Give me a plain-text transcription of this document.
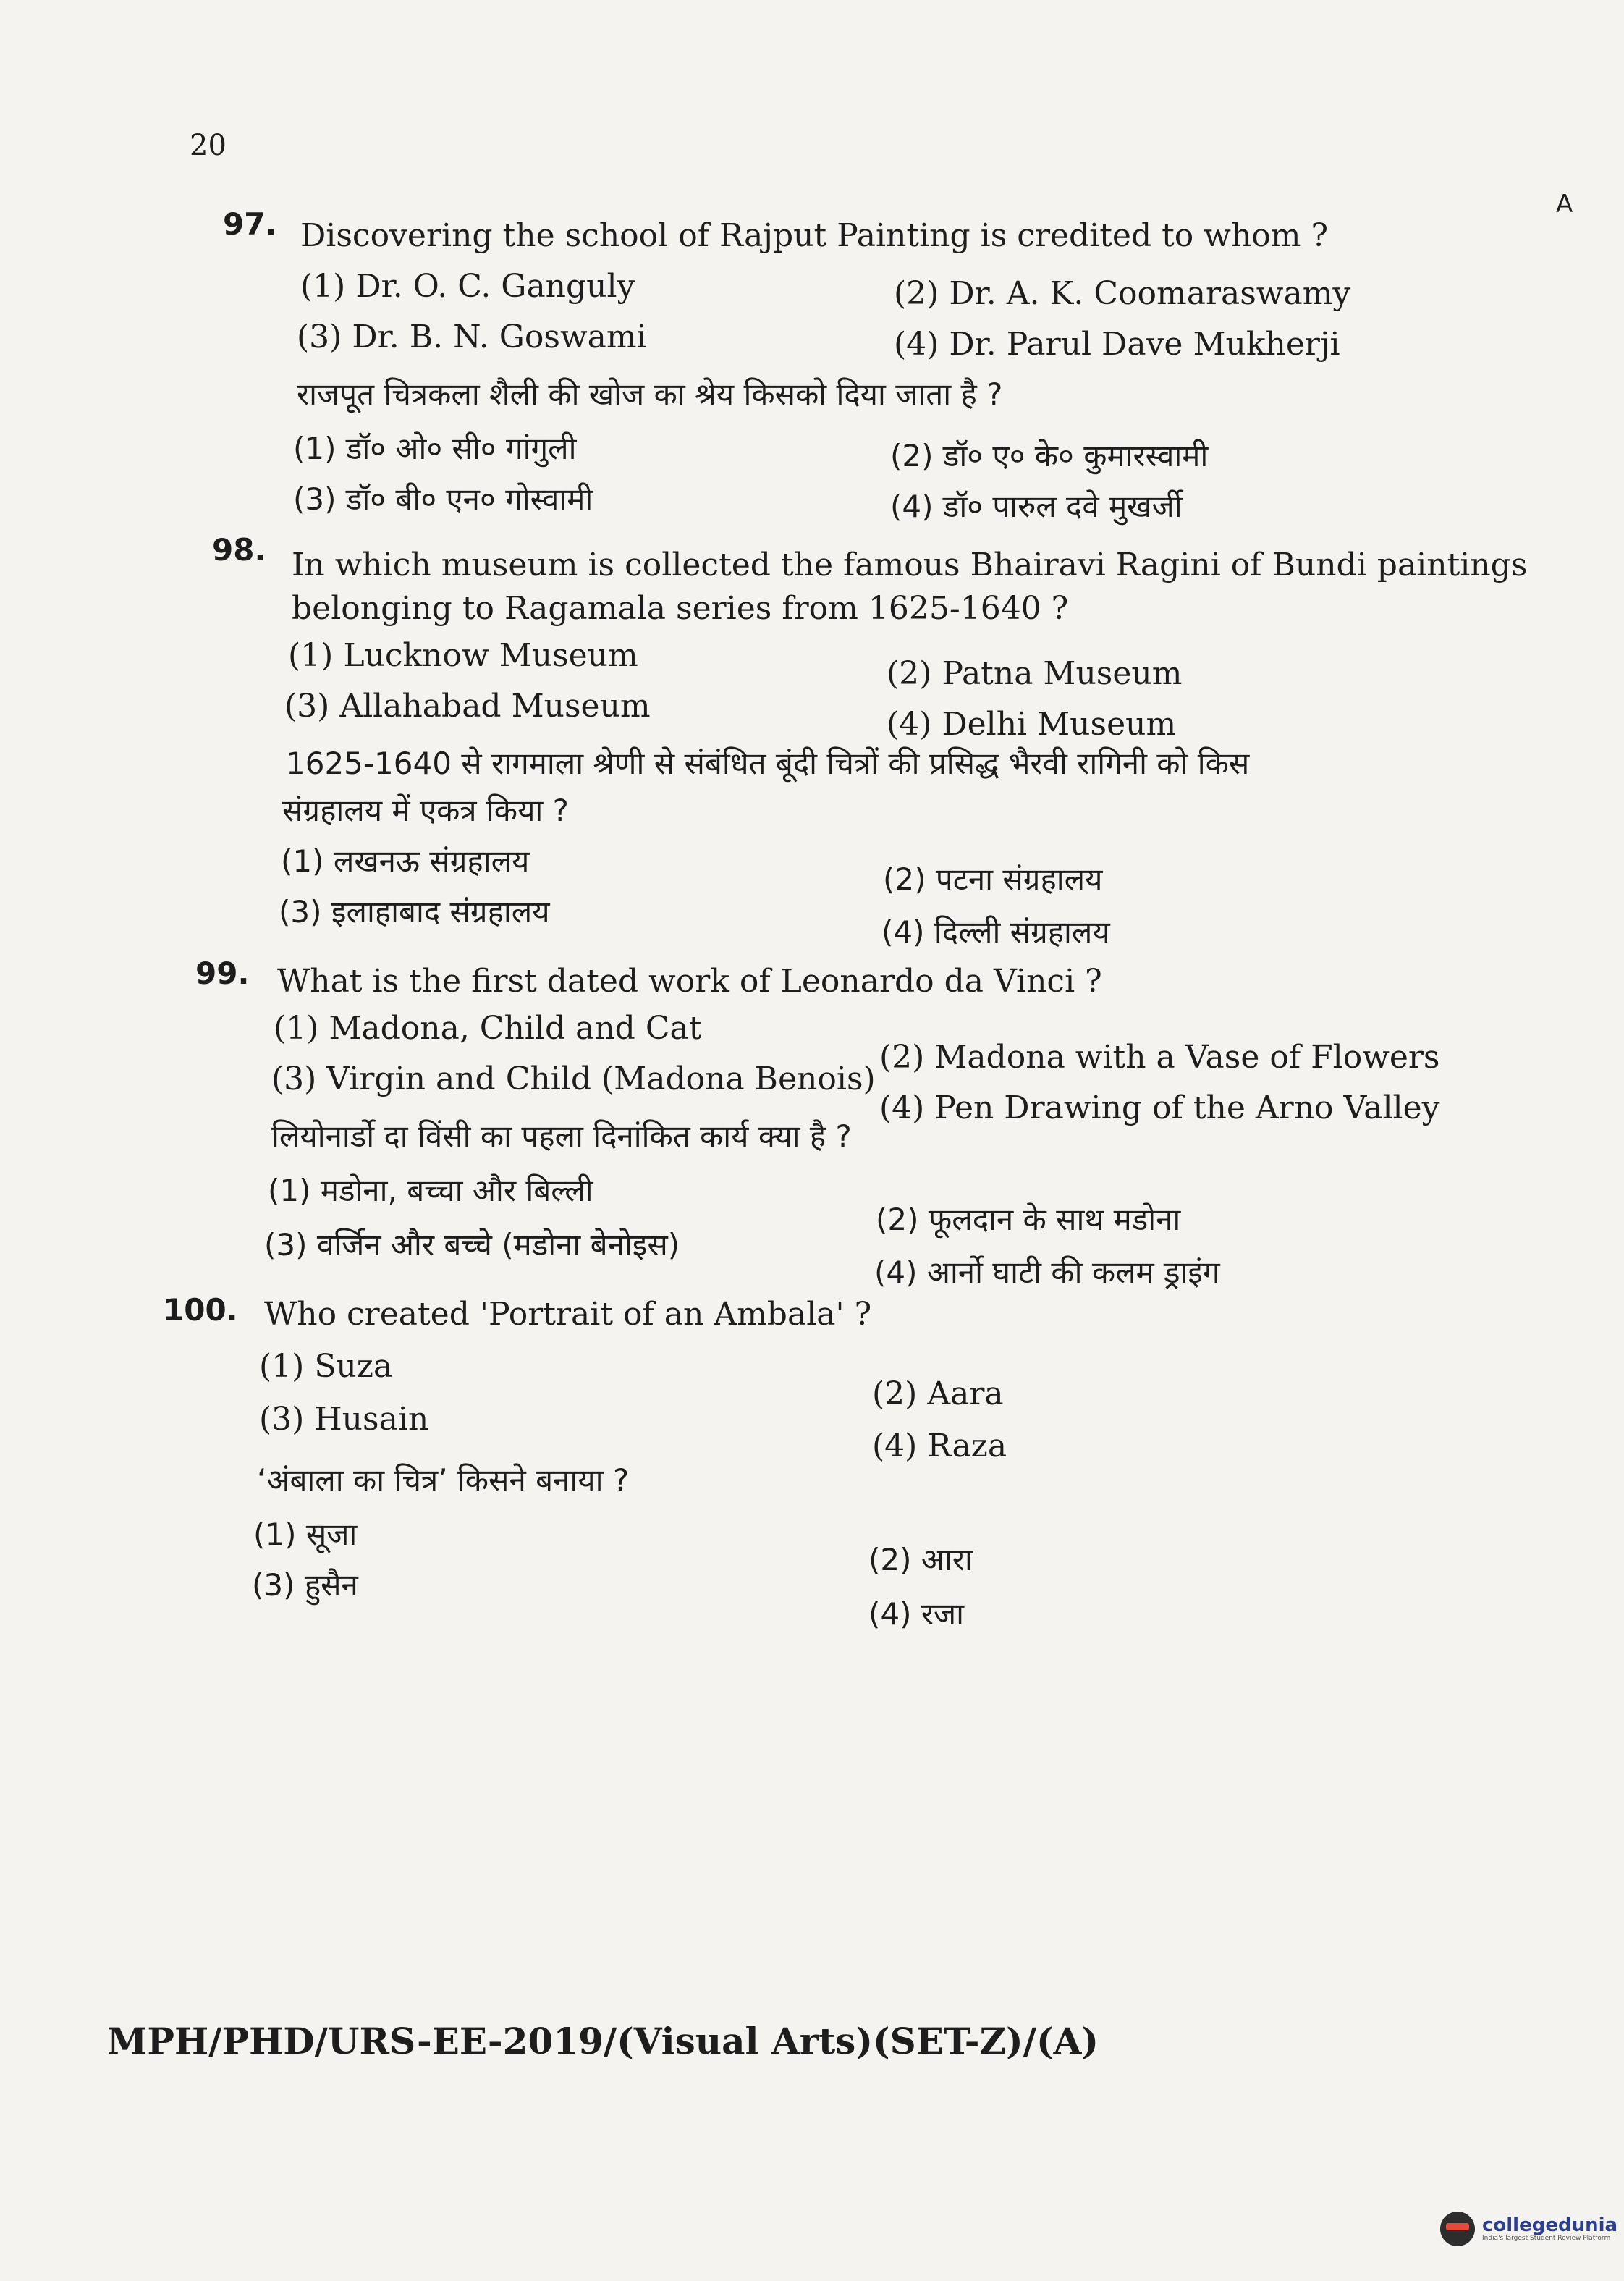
20
A
97. Discovering the school of Rajput Painting is credited to whom ?
(1) Dr. O. C. Ganguly	(2) Dr. A. K. Coomaraswamy
(3) Dr. B. N. Goswami	(4) Dr. Parul Dave Mukherji
राजपूत चित्रकला शैली की खोज का श्रेय किसको दिया जाता है ?
(1) डॉ० ओ० सी० गांगुली	(2) डॉ० ए० के० कुमारस्वामी
(3) डॉ० बी० एन० गोस्वामी	(4) डॉ० पारुल दवे मुखर्जी
98. In which museum is collected the famous Bhairavi Ragini of Bundi paintings
belonging to Ragamala series from 1625-1640 ?
(1) Lucknow Museum	(2) Patna Museum
(3) Allahabad Museum	(4) Delhi Museum
1625-1640 से रागमाला श्रेणी से संबंधित बूंदी चित्रों की प्रसिद्ध भैरवी रागिनी को किस
संग्रहालय में एकत्र किया ?
(1) लखनऊ संग्रहालय
(2) पटना संग्रहालय
(3) इलाहाबाद संग्रहालय
(4) दिल्ली संग्रहालय
99. What is the first dated work of Leonardo da Vinci ?
(1) Madona, Child and Cat
(2) Madona with a Vase of Flowers
(3) Virgin and Child (Madona Benois)
(4) Pen Drawing of the Arno Valley
लियोनार्डो दा विंसी का पहला दिनांकित कार्य क्या है ?
(1) मडोना, बच्चा और बिल्ली
(2) फूलदान के साथ मडोना
(3) वर्जिन और बच्चे (मडोना बेनोइस)
(4) आर्नो घाटी की कलम ड्राइंग
100. Who created 'Portrait of an Ambala' ?
(1) Suza
(2) Aara
(3) Husain
(4) Raza
‘अंबाला का चित्र’ किसने बनाया ?
(1) सूजा
(2) आरा
(3) हुसैन
(4) रजा
MPH/PHD/URS-EE-2019/(Visual Arts)(SET-Z)/(A)
collegedunia
India's largest Student Review Platform
